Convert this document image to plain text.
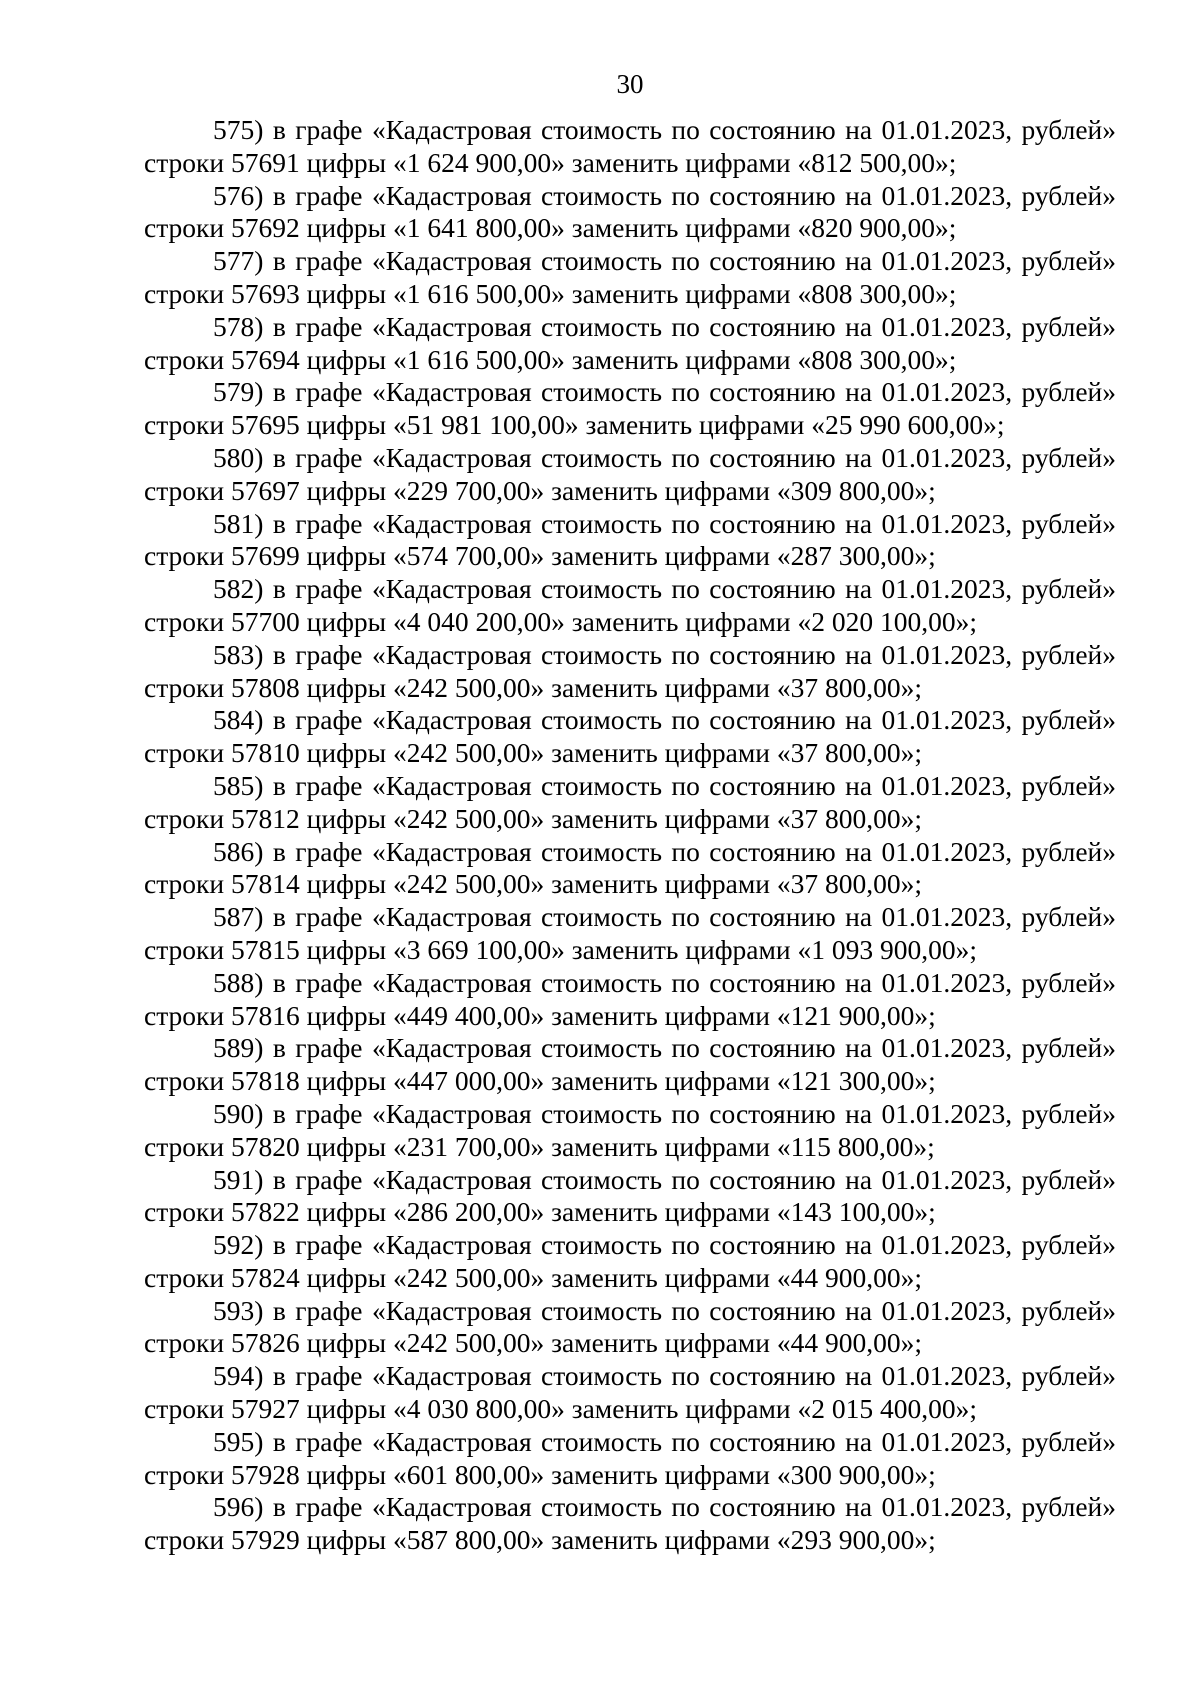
30

575) в графе «Кадастровая стоимость по состоянию на 01.01.2023, рублей» строки 57691 цифры «1 624 900,00» заменить цифрами «812 500,00»;

576) в графе «Кадастровая стоимость по состоянию на 01.01.2023, рублей» строки 57692 цифры «1 641 800,00» заменить цифрами «820 900,00»;

577) в графе «Кадастровая стоимость по состоянию на 01.01.2023, рублей» строки 57693 цифры «1 616 500,00» заменить цифрами «808 300,00»;

578) в графе «Кадастровая стоимость по состоянию на 01.01.2023, рублей» строки 57694 цифры «1 616 500,00» заменить цифрами «808 300,00»;

579) в графе «Кадастровая стоимость по состоянию на 01.01.2023, рублей» строки 57695 цифры «51 981 100,00» заменить цифрами «25 990 600,00»;

580) в графе «Кадастровая стоимость по состоянию на 01.01.2023, рублей» строки 57697 цифры «229 700,00» заменить цифрами «309 800,00»;

581) в графе «Кадастровая стоимость по состоянию на 01.01.2023, рублей» строки 57699 цифры «574 700,00» заменить цифрами «287 300,00»;

582) в графе «Кадастровая стоимость по состоянию на 01.01.2023, рублей» строки 57700 цифры «4 040 200,00» заменить цифрами «2 020 100,00»;

583) в графе «Кадастровая стоимость по состоянию на 01.01.2023, рублей» строки 57808 цифры «242 500,00» заменить цифрами «37 800,00»;

584) в графе «Кадастровая стоимость по состоянию на 01.01.2023, рублей» строки 57810 цифры «242 500,00» заменить цифрами «37 800,00»;

585) в графе «Кадастровая стоимость по состоянию на 01.01.2023, рублей» строки 57812 цифры «242 500,00» заменить цифрами «37 800,00»;

586) в графе «Кадастровая стоимость по состоянию на 01.01.2023, рублей» строки 57814 цифры «242 500,00» заменить цифрами «37 800,00»;

587) в графе «Кадастровая стоимость по состоянию на 01.01.2023, рублей» строки 57815 цифры «3 669 100,00» заменить цифрами «1 093 900,00»;

588) в графе «Кадастровая стоимость по состоянию на 01.01.2023, рублей» строки 57816 цифры «449 400,00» заменить цифрами «121 900,00»;

589) в графе «Кадастровая стоимость по состоянию на 01.01.2023, рублей» строки 57818 цифры «447 000,00» заменить цифрами «121 300,00»;

590) в графе «Кадастровая стоимость по состоянию на 01.01.2023, рублей» строки 57820 цифры «231 700,00» заменить цифрами «115 800,00»;

591) в графе «Кадастровая стоимость по состоянию на 01.01.2023, рублей» строки 57822 цифры «286 200,00» заменить цифрами «143 100,00»;

592) в графе «Кадастровая стоимость по состоянию на 01.01.2023, рублей» строки 57824 цифры «242 500,00» заменить цифрами «44 900,00»;

593) в графе «Кадастровая стоимость по состоянию на 01.01.2023, рублей» строки 57826 цифры «242 500,00» заменить цифрами «44 900,00»;

594) в графе «Кадастровая стоимость по состоянию на 01.01.2023, рублей» строки 57927 цифры «4 030 800,00» заменить цифрами «2 015 400,00»;

595) в графе «Кадастровая стоимость по состоянию на 01.01.2023, рублей» строки 57928 цифры «601 800,00» заменить цифрами «300 900,00»;

596) в графе «Кадастровая стоимость по состоянию на 01.01.2023, рублей» строки 57929 цифры «587 800,00» заменить цифрами «293 900,00»;
